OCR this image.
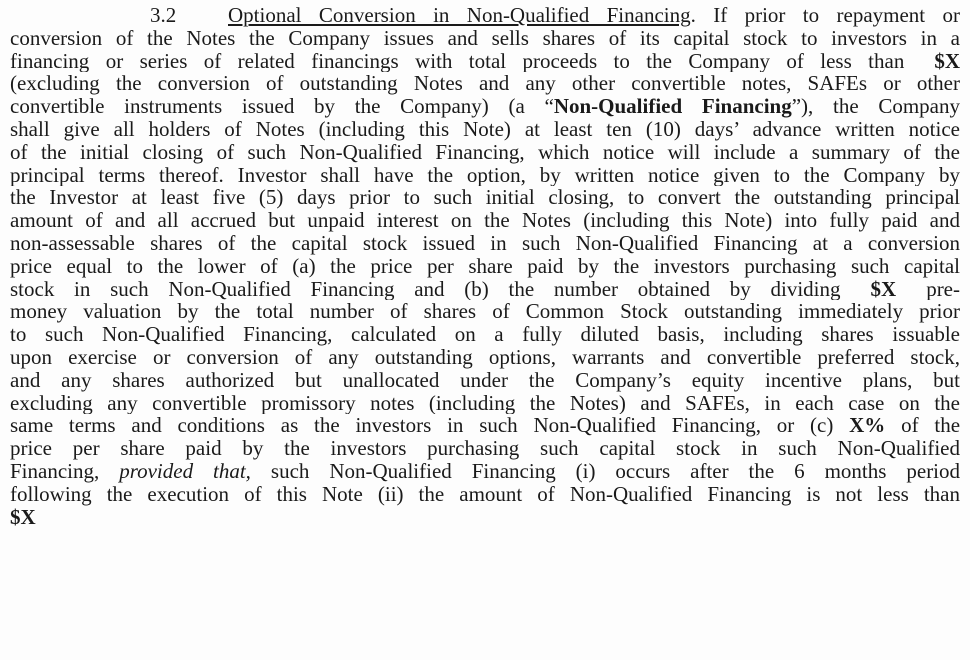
3.2 Optional Conversion in Non-Qualified Financing. If prior to repayment or
conversion of the Notes the Company issues and sells shares of its capital stock to investors in a
financing or series of related financings with total proceeds to the Company of less than $X
(excluding the conversion of outstanding Notes and any other convertible notes, SAFEs or other
convertible instruments issued by the Company) (a “Non-Qualified Financing”), the Company
shall give all holders of Notes (including this Note) at least ten (10) days’ advance written notice
of the initial closing of such Non-Qualified Financing, which notice will include a summary of the
principal terms thereof. Investor shall have the option, by written notice given to the Company by
the Investor at least five (5) days prior to such initial closing, to convert the outstanding principal
amount of and all accrued but unpaid interest on the Notes (including this Note) into fully paid and
non-assessable shares of the capital stock issued in such Non-Qualified Financing at a conversion
price equal to the lower of (a) the price per share paid by the investors purchasing such capital
stock in such Non-Qualified Financing and (b) the number obtained by dividing $X pre-
money valuation by the total number of shares of Common Stock outstanding immediately prior
to such Non-Qualified Financing, calculated on a fully diluted basis, including shares issuable
upon exercise or conversion of any outstanding options, warrants and convertible preferred stock,
and any shares authorized but unallocated under the Company’s equity incentive plans, but
excluding any convertible promissory notes (including the Notes) and SAFEs, in each case on the
same terms and conditions as the investors in such Non-Qualified Financing, or (c) X% of the
price per share paid by the investors purchasing such capital stock in such Non-Qualified
Financing, provided that, such Non-Qualified Financing (i) occurs after the 6 months period
following the execution of this Note (ii) the amount of Non-Qualified Financing is not less than
$X
